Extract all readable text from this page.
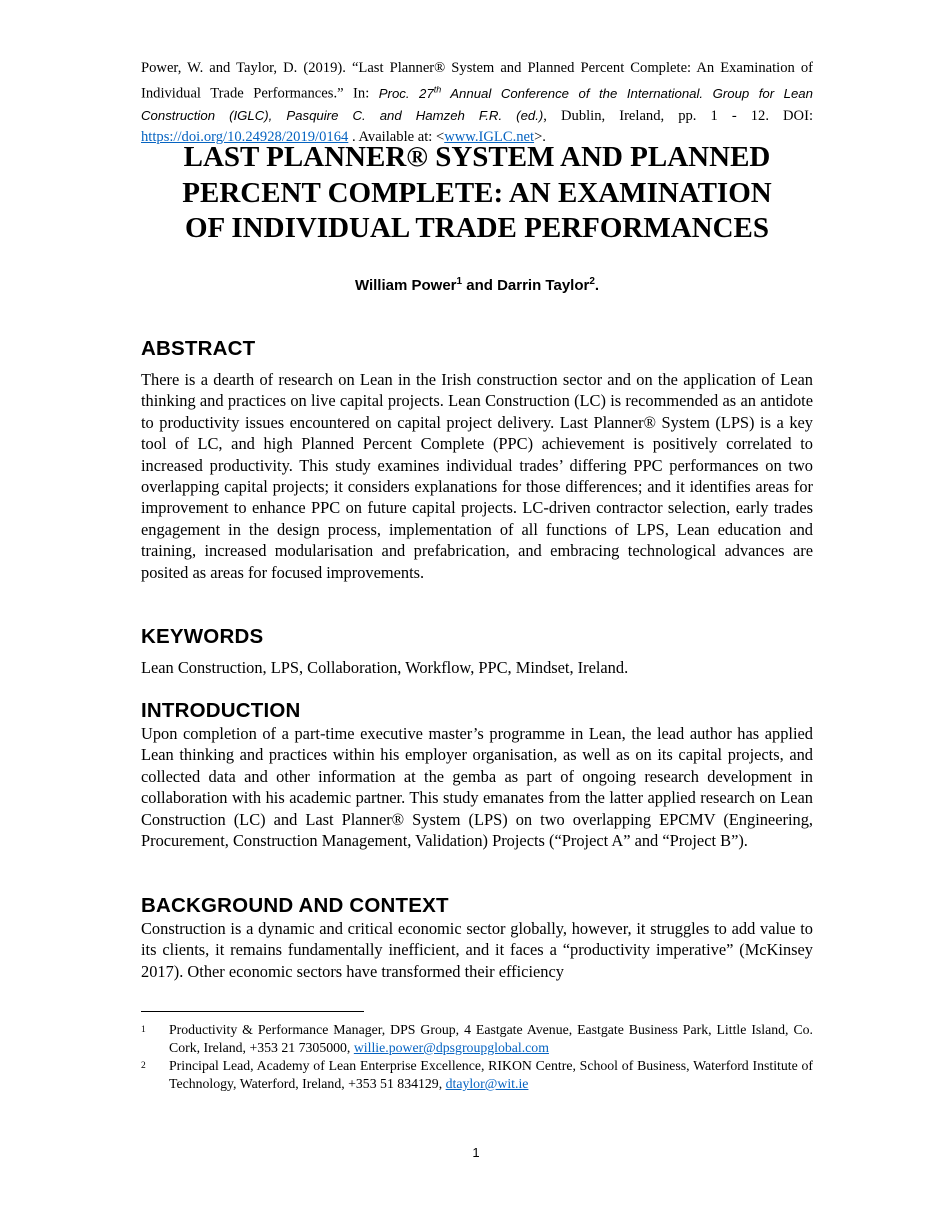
Power, W. and Taylor, D. (2019). “Last Planner® System and Planned Percent Complete: An Examination of Individual Trade Performances.” In: Proc. 27th Annual Conference of the International. Group for Lean Construction (IGLC), Pasquire C. and Hamzeh F.R. (ed.), Dublin, Ireland, pp. 1 - 12. DOI: https://doi.org/10.24928/2019/0164 . Available at: <www.IGLC.net>.
LAST PLANNER® SYSTEM AND PLANNED
PERCENT COMPLETE: AN EXAMINATION
OF INDIVIDUAL TRADE PERFORMANCES
William Power$^1$ and Darrin Taylor$^2$.
ABSTRACT

There is a dearth of research on Lean in the Irish construction sector and on the application of Lean thinking and practices on live capital projects. Lean Construction (LC) is recommended as an antidote to productivity issues encountered on capital project delivery. Last Planner® System (LPS) is a key tool of LC, and high Planned Percent Complete (PPC) achievement is positively correlated to increased productivity. This study examines individual trades’ differing PPC performances on two overlapping capital projects; it considers explanations for those differences; and it identifies areas for improvement to enhance PPC on future capital projects. LC-driven contractor selection, early trades engagement in the design process, implementation of all functions of LPS, Lean education and training, increased modularisation and prefabrication, and embracing technological advances are posited as areas for focused improvements.

KEYWORDS

Lean Construction, LPS, Collaboration, Workflow, PPC, Mindset, Ireland.

INTRODUCTION

Upon completion of a part-time executive master’s programme in Lean, the lead author has applied Lean thinking and practices within his employer organisation, as well as on its capital projects, and collected data and other information at the gemba as part of ongoing research development in collaboration with his academic partner. This study emanates from the latter applied research on Lean Construction (LC) and Last Planner® System (LPS) on two overlapping EPCMV (Engineering, Procurement, Construction Management, Validation) Projects (“Project A” and “Project B”).

BACKGROUND AND CONTEXT

Construction is a dynamic and critical economic sector globally, however, it struggles to add value to its clients, it remains fundamentally inefficient, and it faces a “productivity imperative” (McKinsey 2017). Other economic sectors have transformed their efficiency

1 Productivity & Performance Manager, DPS Group, 4 Eastgate Avenue, Eastgate Business Park, Little Island, Co. Cork, Ireland, +353 21 7305000, willie.power@dpsgroupglobal.com
2 Principal Lead, Academy of Lean Enterprise Excellence, RIKON Centre, School of Business, Waterford Institute of Technology, Waterford, Ireland, +353 51 834129, dtaylor@wit.ie
1
